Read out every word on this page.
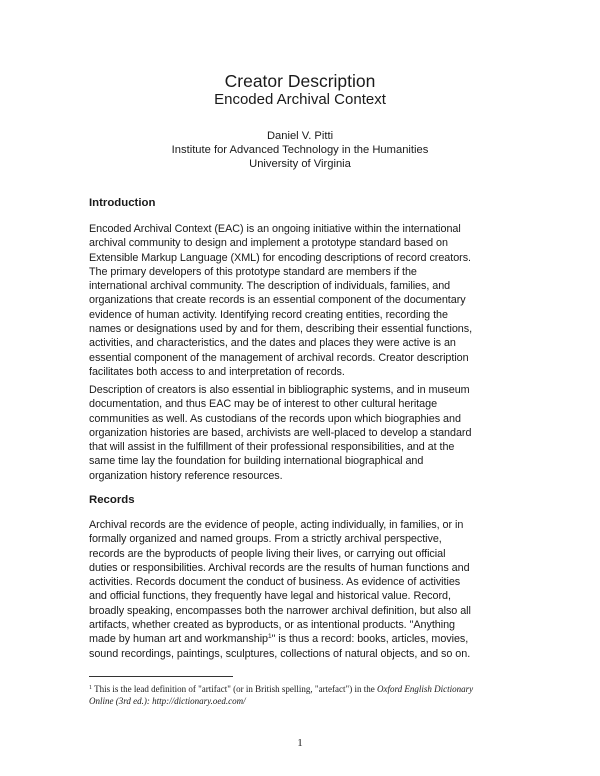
Creator Description
Encoded Archival Context
Daniel V. Pitti
Institute for Advanced Technology in the Humanities
University of Virginia
Introduction
Encoded Archival Context (EAC) is an ongoing initiative within the international
archival community to design and implement a prototype standard based on
Extensible Markup Language (XML) for encoding descriptions of record creators.
The primary developers of this prototype standard are members if the
international archival community. The description of individuals, families, and
organizations that create records is an essential component of the documentary
evidence of human activity. Identifying record creating entities, recording the
names or designations used by and for them, describing their essential functions,
activities, and characteristics, and the dates and places they were active is an
essential component of the management of archival records. Creator description
facilitates both access to and interpretation of records.
Description of creators is also essential in bibliographic systems, and in museum
documentation, and thus EAC may be of interest to other cultural heritage
communities as well. As custodians of the records upon which biographies and
organization histories are based, archivists are well-placed to develop a standard
that will assist in the fulfillment of their professional responsibilities, and at the
same time lay the foundation for building international biographical and
organization history reference resources.
Records
Archival records are the evidence of people, acting individually, in families, or in
formally organized and named groups. From a strictly archival perspective,
records are the byproducts of people living their lives, or carrying out official
duties or responsibilities. Archival records are the results of human functions and
activities. Records document the conduct of business. As evidence of activities
and official functions, they frequently have legal and historical value. Record,
broadly speaking, encompasses both the narrower archival definition, but also all
artifacts, whether created as byproducts, or as intentional products. "Anything
made by human art and workmanship$^1$" is thus a record: books, articles, movies,
sound recordings, paintings, sculptures, collections of natural objects, and so on.
$^1$ This is the lead definition of "artifact" (or in British spelling, "artefact") in the Oxford English Dictionary
Online (3rd ed.): http://dictionary.oed.com/
1
